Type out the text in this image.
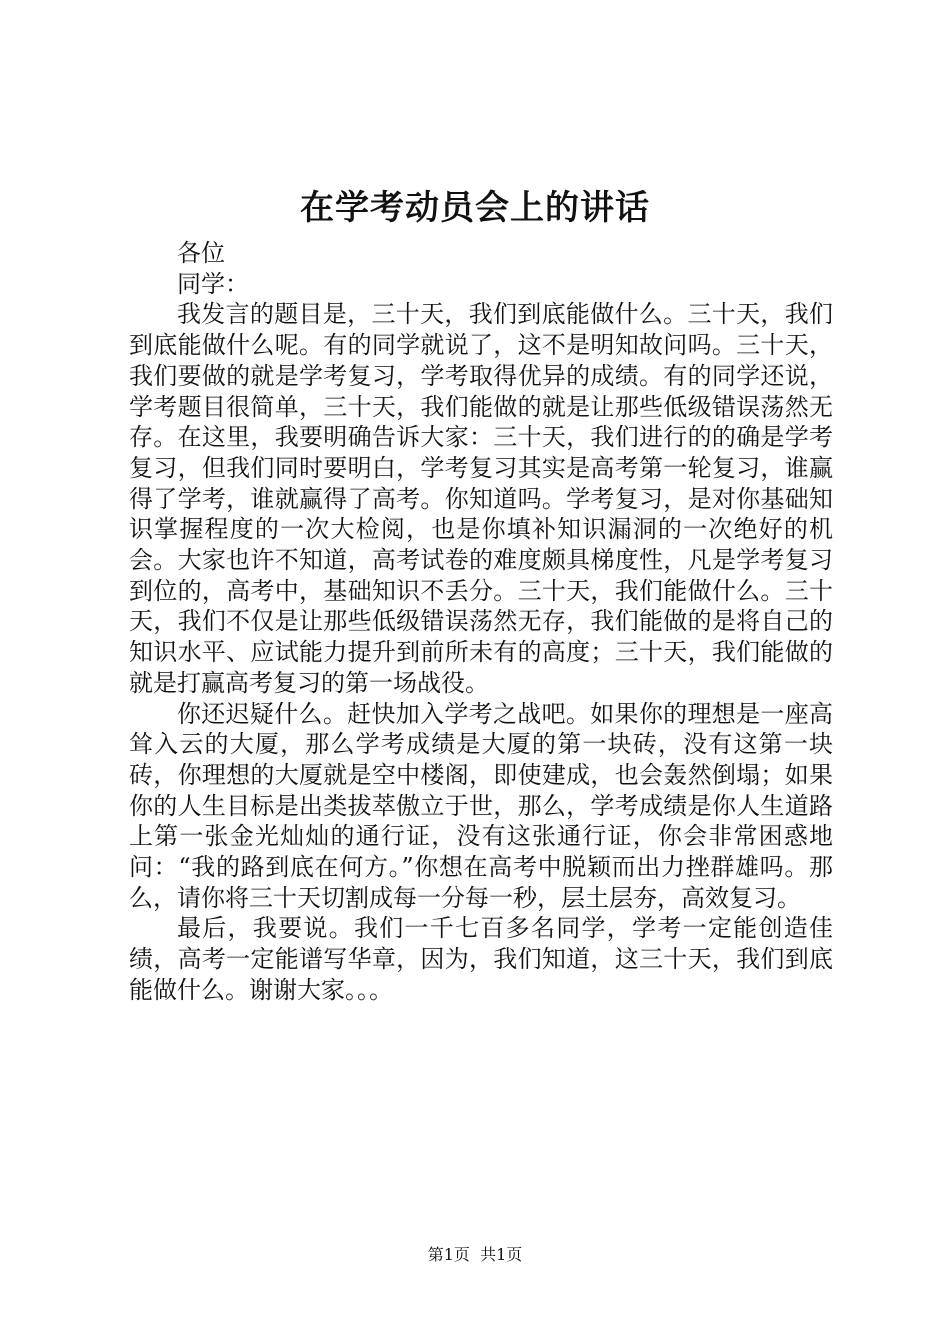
在学考动员会上的讲话

各位

同学：

我发言的题目是，三十天，我们到底能做什么。三十天，我们到底能做什么呢。有的同学就说了，这不是明知故问吗。三十天，我们要做的就是学考复习，学考取得优异的成绩。有的同学还说，学考题目很简单，三十天，我们能做的就是让那些低级错误荡然无存。在这里，我要明确告诉大家：三十天，我们进行的的确是学考复习，但我们同时要明白，学考复习其实是高考第一轮复习，谁赢得了学考，谁就赢得了高考。你知道吗。学考复习，是对你基础知识掌握程度的一次大检阅，也是你填补知识漏洞的一次绝好的机会。大家也许不知道，高考试卷的难度颇具梯度性，凡是学考复习到位的，高考中，基础知识不丢分。三十天，我们能做什么。三十天，我们不仅是让那些低级错误荡然无存，我们能做的是将自己的知识水平、应试能力提升到前所未有的高度；三十天，我们能做的就是打赢高考复习的第一场战役。

你还迟疑什么。赶快加入学考之战吧。如果你的理想是一座高耸入云的大厦，那么学考成绩是大厦的第一块砖，没有这第一块砖，你理想的大厦就是空中楼阁，即使建成，也会轰然倒塌；如果你的人生目标是出类拔萃傲立于世，那么，学考成绩是你人生道路上第一张金光灿灿的通行证，没有这张通行证，你会非常困惑地问：“我的路到底在何方。”你想在高考中脱颖而出力挫群雄吗。那么，请你将三十天切割成每一分每一秒，层土层夯，高效复习。

最后，我要说。我们一千七百多名同学，学考一定能创造佳绩，高考一定能谱写华章，因为，我们知道，这三十天，我们到底能做什么。谢谢大家。。。

第1页  共1页
